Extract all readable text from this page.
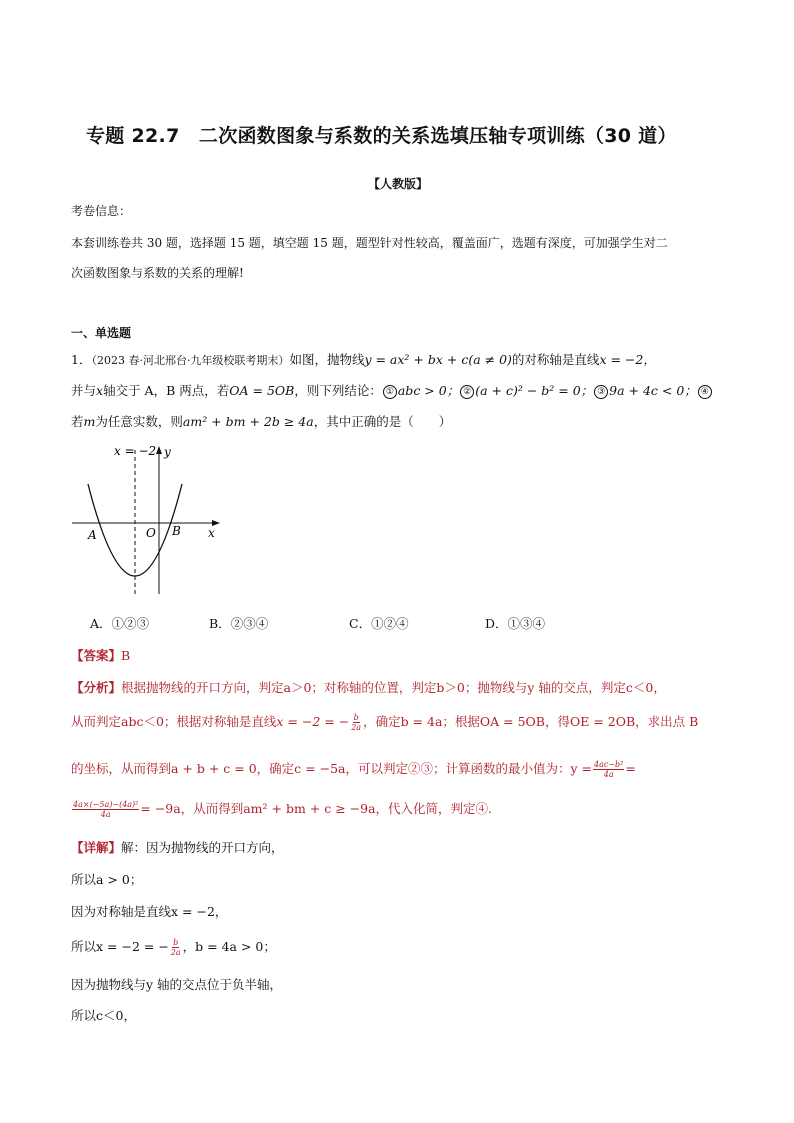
专题 22.7　二次函数图象与系数的关系选填压轴专项训练（30 道）
【人教版】
考卷信息：
本套训练卷共 30 题，选择题 15 题，填空题 15 题，题型针对性较高，覆盖面广，选题有深度，可加强学生对二
次函数图象与系数的关系的理解!
一、单选题
1．（2023 春·河北邢台·九年级校联考期末）如图，抛物线y = ax² + bx + c(a ≠ 0)的对称轴是直线x = −2，
并与x轴交于 A，B 两点，若OA = 5OB，则下列结论： ① abc > 0； ② (a + c)² − b² = 0； ③ 9a + 4c < 0； ④
若m为任意实数，则am² + bm + 2b ≥ 4a，其中正确的是（　　）
x = −2 y
x
O
A	B
A．①②③	B．②③④	C．①②④	D．①③④
【答案】B
【分析】根据抛物线的开口方向，判定a＞0；对称轴的位置，判定b＞0；抛物线与y 轴的交点，判定c＜0，
从而判定abc＜0；根据对称轴是直线x = −2 = − $\frac{b}{2a}$ ，确定b = 4a；根据OA = 5OB，得OE = 2OB，求出点 B
的坐标，从而得到a + b + c = 0，确定c = −5a，可以判定②③；计算函数的最小值为：$y = \frac{\text{4ac−b²}}{4a}$ =
$\frac{\text{4a×(−5a)−(4a)²}}{4a} = -9a$，从而得到am² + bm + c ≥ −9a，代入化简，判定④.
【详解】解：因为抛物线的开口方向，
所以a > 0；
因为对称轴是直线x = −2，
所以x = −2 = − $\frac{b}{2a}$ ，b = 4a > 0；
因为抛物线与y 轴的交点位于负半轴，
所以c＜0，
